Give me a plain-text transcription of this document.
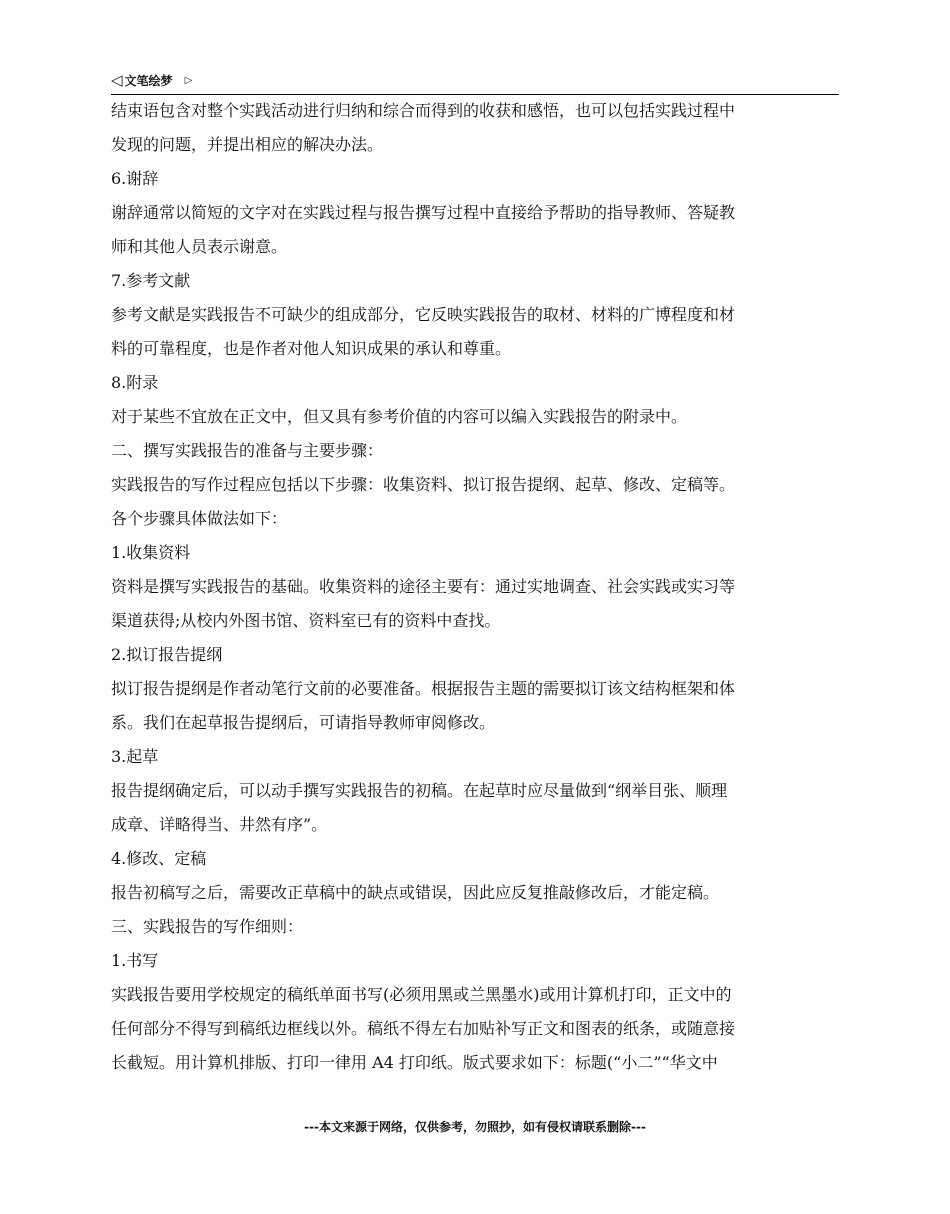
◁ 文笔绘梦 ▷
结束语包含对整个实践活动进行归纳和综合而得到的收获和感悟，也可以包括实践过程中
发现的问题，并提出相应的解决办法。
6.谢辞
谢辞通常以简短的文字对在实践过程与报告撰写过程中直接给予帮助的指导教师、答疑教
师和其他人员表示谢意。
7.参考文献
参考文献是实践报告不可缺少的组成部分，它反映实践报告的取材、材料的广博程度和材
料的可靠程度，也是作者对他人知识成果的承认和尊重。
8.附录
对于某些不宜放在正文中，但又具有参考价值的内容可以编入实践报告的附录中。
二、撰写实践报告的准备与主要步骤：
实践报告的写作过程应包括以下步骤：收集资料、拟订报告提纲、起草、修改、定稿等。
各个步骤具体做法如下：
1.收集资料
资料是撰写实践报告的基础。收集资料的途径主要有：通过实地调查、社会实践或实习等
渠道获得;从校内外图书馆、资料室已有的资料中查找。
2.拟订报告提纲
拟订报告提纲是作者动笔行文前的必要准备。根据报告主题的需要拟订该文结构框架和体
系。我们在起草报告提纲后，可请指导教师审阅修改。
3.起草
报告提纲确定后，可以动手撰写实践报告的初稿。在起草时应尽量做到“纲举目张、顺理
成章、详略得当、井然有序”。
4.修改、定稿
报告初稿写之后，需要改正草稿中的缺点或错误，因此应反复推敲修改后，才能定稿。
三、实践报告的写作细则：
1.书写
实践报告要用学校规定的稿纸单面书写(必须用黑或兰黑墨水)或用计算机打印，正文中的
任何部分不得写到稿纸边框线以外。稿纸不得左右加贴补写正文和图表的纸条，或随意接
长截短。用计算机排版、打印一律用 A4 打印纸。版式要求如下：标题(“小二”“华文中
---本文来源于网络，仅供参考，勿照抄，如有侵权请联系删除---
